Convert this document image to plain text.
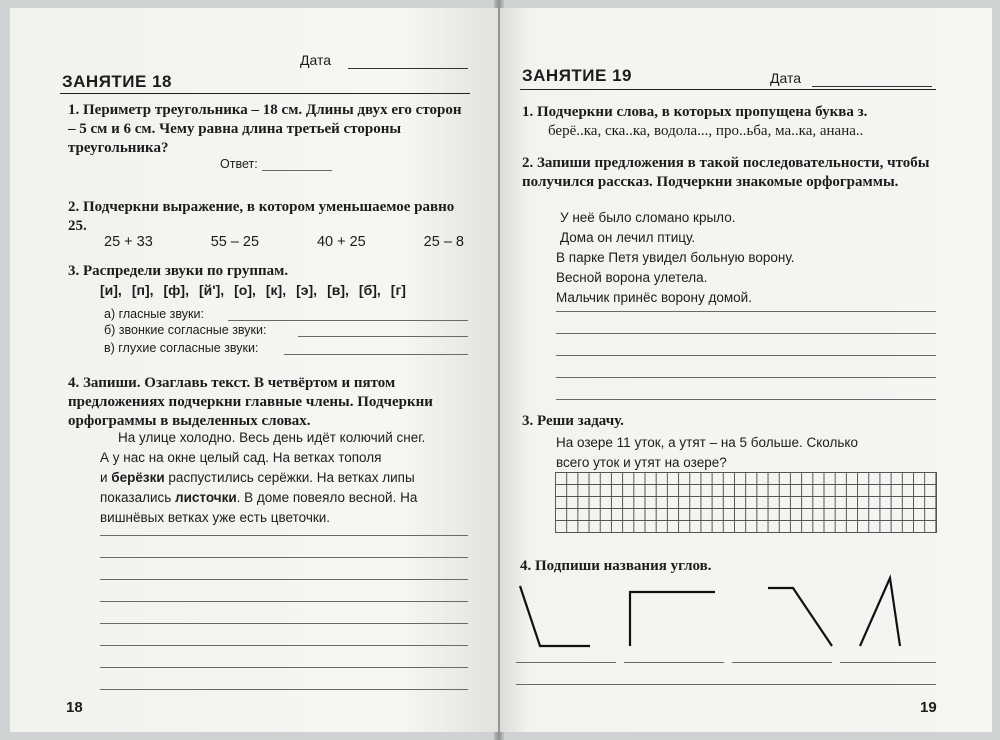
Дата
ЗАНЯТИЕ 18
1. Периметр треугольника – 18 см. Длины двух его сторон – 5 см и 6 см. Чему равна длина третьей стороны треугольника?
Ответ:
2. Подчеркни выражение, в котором уменьшаемое равно 25.
25 + 33	55 – 25	40 + 25	25 – 8
3. Распредели звуки по группам.
[и], [п], [ф], [й'], [о], [к], [э], [в], [б], [г]
а) гласные звуки:
б) звонкие согласные звуки:
в) глухие согласные звуки:
4. Запиши. Озаглавь текст. В четвёртом и пятом предложениях подчеркни главные члены. Подчеркни орфограммы в выделенных словах.
На улице холодно. Весь день идёт колючий снег.
А у нас на окне целый сад. На ветках тополя
и берёзки распустились серёжки. На ветках липы
показались листочки. В доме повеяло весной. На
вишнёвых ветках уже есть цветочки.
18
Дата
ЗАНЯТИЕ 19
1. Подчеркни слова, в которых пропущена буква з.
берё..ка, ска..ка, водола..., про..ьба, ма..ка, анана..
2. Запиши предложения в такой последовательности, чтобы получился рассказ. Подчеркни знакомые орфограммы.
У неё было сломано крыло.
Дома он лечил птицу.
В парке Петя увидел больную ворону.
Весной ворона улетела.
Мальчик принёс ворону домой.
3. Реши задачу.
На озере 11 уток, а утят – на 5 больше. Сколько
всего уток и утят на озере?
4. Подпиши названия углов.
19
